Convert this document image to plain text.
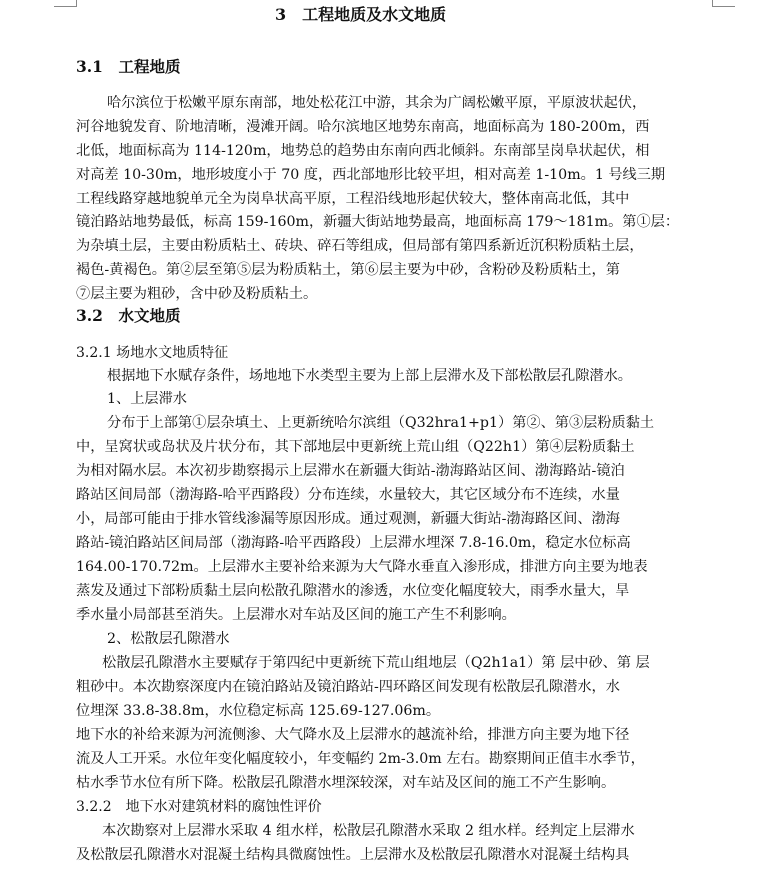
3　工程地质及水文地质
3.1　工程地质
哈尔滨位于松嫩平原东南部，地处松花江中游，其余为广阔松嫩平原，平原波状起伏，
河谷地貌发育、阶地清晰，漫滩开阔。哈尔滨地区地势东南高，地面标高为 180-200m，西
北低，地面标高为 114-120m，地势总的趋势由东南向西北倾斜。东南部呈岗阜状起伏，相
对高差 10-30m，地形坡度小于 70 度，西北部地形比较平坦，相对高差 1-10m。1 号线三期
工程线路穿越地貌单元全为岗阜状高平原，工程沿线地形起伏较大，整体南高北低，其中
镜泊路站地势最低，标高 159-160m，新疆大街站地势最高，地面标高 179～181m。第①层：
为杂填土层，主要由粉质粘土、砖块、碎石等组成，但局部有第四系新近沉积粉质粘土层，
褐色-黄褐色。第②层至第⑤层为粉质粘土，第⑥层主要为中砂，含粉砂及粉质粘土，第
⑦层主要为粗砂，含中砂及粉质粘土。
3.2　水文地质
3.2.1 场地水文地质特征
根据地下水赋存条件，场地地下水类型主要为上部上层滞水及下部松散层孔隙潜水。
1、上层滞水
分布于上部第①层杂填土、上更新统哈尔滨组（Q32hra1+p1）第②、第③层粉质黏土
中，呈窝状或岛状及片状分布，其下部地层中更新统上荒山组（Q22h1）第④层粉质黏土
为相对隔水层。本次初步勘察揭示上层滞水在新疆大街站-渤海路站区间、渤海路站-镜泊
路站区间局部（渤海路-哈平西路段）分布连续，水量较大，其它区域分布不连续，水量
小，局部可能由于排水管线渗漏等原因形成。通过观测，新疆大街站-渤海路区间、渤海
路站-镜泊路站区间局部（渤海路-哈平西路段）上层滞水埋深 7.8-16.0m，稳定水位标高
164.00-170.72m。上层滞水主要补给来源为大气降水垂直入渗形成，排泄方向主要为地表
蒸发及通过下部粉质黏土层向松散孔隙潜水的渗透，水位变化幅度较大，雨季水量大，旱
季水量小局部甚至消失。上层滞水对车站及区间的施工产生不利影响。
2、松散层孔隙潜水
松散层孔隙潜水主要赋存于第四纪中更新统下荒山组地层（Q2h1a1）第 层中砂、第 层
粗砂中。本次勘察深度内在镜泊路站及镜泊路站-四环路区间发现有松散层孔隙潜水，水
位埋深 33.8-38.8m，水位稳定标高 125.69-127.06m。
地下水的补给来源为河流侧渗、大气降水及上层滞水的越流补给，排泄方向主要为地下径
流及人工开采。水位年变化幅度较小，年变幅约 2m-3.0m 左右。勘察期间正值丰水季节，
枯水季节水位有所下降。松散层孔隙潜水埋深较深，对车站及区间的施工不产生影响。
3.2.2　地下水对建筑材料的腐蚀性评价
本次勘察对上层滞水采取 4 组水样，松散层孔隙潜水采取 2 组水样。经判定上层滞水
及松散层孔隙潜水对混凝土结构具微腐蚀性。上层滞水及松散层孔隙潜水对混凝土结构具
